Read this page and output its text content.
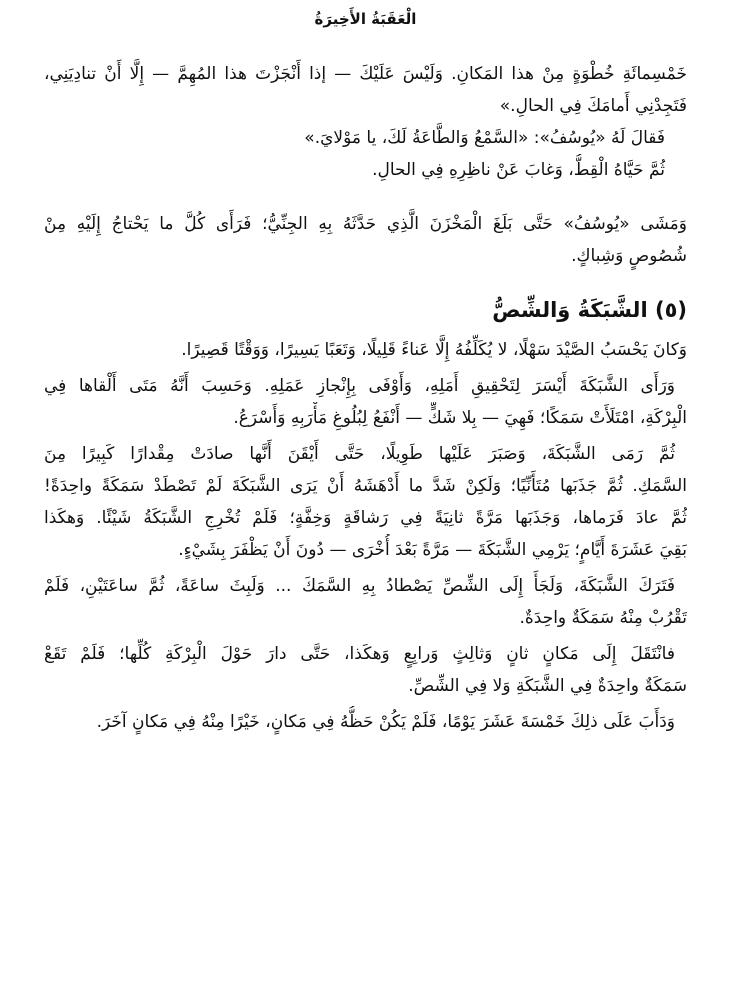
الْعَقَبَةُ الأَخِيرَةُ
خَمْسِمائَةِ خُطْوَةٍ مِنْ هذا المَكانِ. وَلَيْسَ عَلَيْكَ — إذا أَنْجَزْتَ هذا المُهِمَّ — إِلَّا أَنْ تنادِيَنِي،
فَتَجِدْنِي أَمامَكَ فِي الحالِ.»
فَقالَ لَهُ «يُوسُفُ»: «السَّمْعُ وَالطَّاعَةُ لَكَ، يا مَوْلايَ.»
ثُمَّ حَيَّاهُ الْقِطُّ، وَغابَ عَنْ ناظِرِهِ فِي الحالِ.
وَمَشَى «يُوسُفُ» حَتَّى بَلَغَ الْمَخْزَنَ الَّذِي حَدَّثَهُ بِهِ الجِنِّيُّ؛ فَرَأَى كُلَّ ما يَحْتاجُ إِلَيْهِ مِنْ
شُصُوصٍ وَشِباكٍ.
(٥) الشَّبَكَةُ وَالشِّصُّ
وَكانَ يَحْسَبُ الصَّيْدَ سَهْلًا، لا يُكَلِّفُهُ إِلَّا عَناءً قَلِيلًا، وَتَعَبًا يَسِيرًا، وَوَقْتًا قَصِيرًا.
وَرَأَى الشَّبَكَةَ أَيْسَرَ لِتَحْقِيقِ أَمَلِهِ، وَأَوْفَى بِإِنْجازِ عَمَلِهِ. وَحَسِبَ أَنَّهُ مَتَى أَلْقاها فِي
الْبِرْكَةِ، امْتَلَأَتْ سَمَكًا؛ فَهِيَ — بِلا شَكٍّ — أَنْفَعُ لِبُلُوغِ مَأْرَبِهِ وَأَسْرَعُ.
ثُمَّ رَمَى الشَّبَكَةَ، وَصَبَرَ عَلَيْها طَوِيلًا، حَتَّى أَيْقَنَ أَنَّها صادَتْ مِقْدارًا كَبِيرًا مِنَ
السَّمَكِ. ثُمَّ جَذَبَها مُتَأَنِّيًا؛ وَلَكِنْ شَدَّ ما أَدْهَشَهُ أَنْ يَرَى الشَّبَكَةَ لَمْ تَصْطَدْ سَمَكَةً واحِدَةً!
ثُمَّ عادَ فَرَماها، وَجَذَبَها مَرَّةً ثانِيَةً فِي رَشاقَةٍ وَخِفَّةٍ؛ فَلَمْ تُخْرِجِ الشَّبَكَةُ شَيْئًا. وَهكَذا
بَقِيَ عَشَرَةَ أَيَّامٍ؛ يَرْمِي الشَّبَكَةَ — مَرَّةً بَعْدَ أُخْرَى — دُونَ أَنْ يَظْفَرَ بِشَيْءٍ.
فَتَرَكَ الشَّبَكَةَ، وَلَجَأَ إِلَى الشِّصِّ يَصْطادُ بِهِ السَّمَكَ ... وَلَبِثَ ساعَةً، ثُمَّ ساعَتَيْنِ، فَلَمْ
تَقْرُبْ مِنْهُ سَمَكَةٌ واحِدَةٌ.
فانْتَقَلَ إِلَى مَكانٍ ثانٍ وَثالِثٍ وَرابِعٍ وَهكَذا، حَتَّى دارَ حَوْلَ الْبِرْكَةِ كُلِّها؛ فَلَمْ تَقَعْ
سَمَكَةٌ واحِدَةٌ فِي الشَّبَكَةِ وَلا فِي الشِّصِّ.
وَدَأَبَ عَلَى ذلِكَ خَمْسَةَ عَشَرَ يَوْمًا، فَلَمْ يَكُنْ حَظُّهُ فِي مَكانٍ، خَيْرًا مِنْهُ فِي مَكانٍ آخَرَ.
